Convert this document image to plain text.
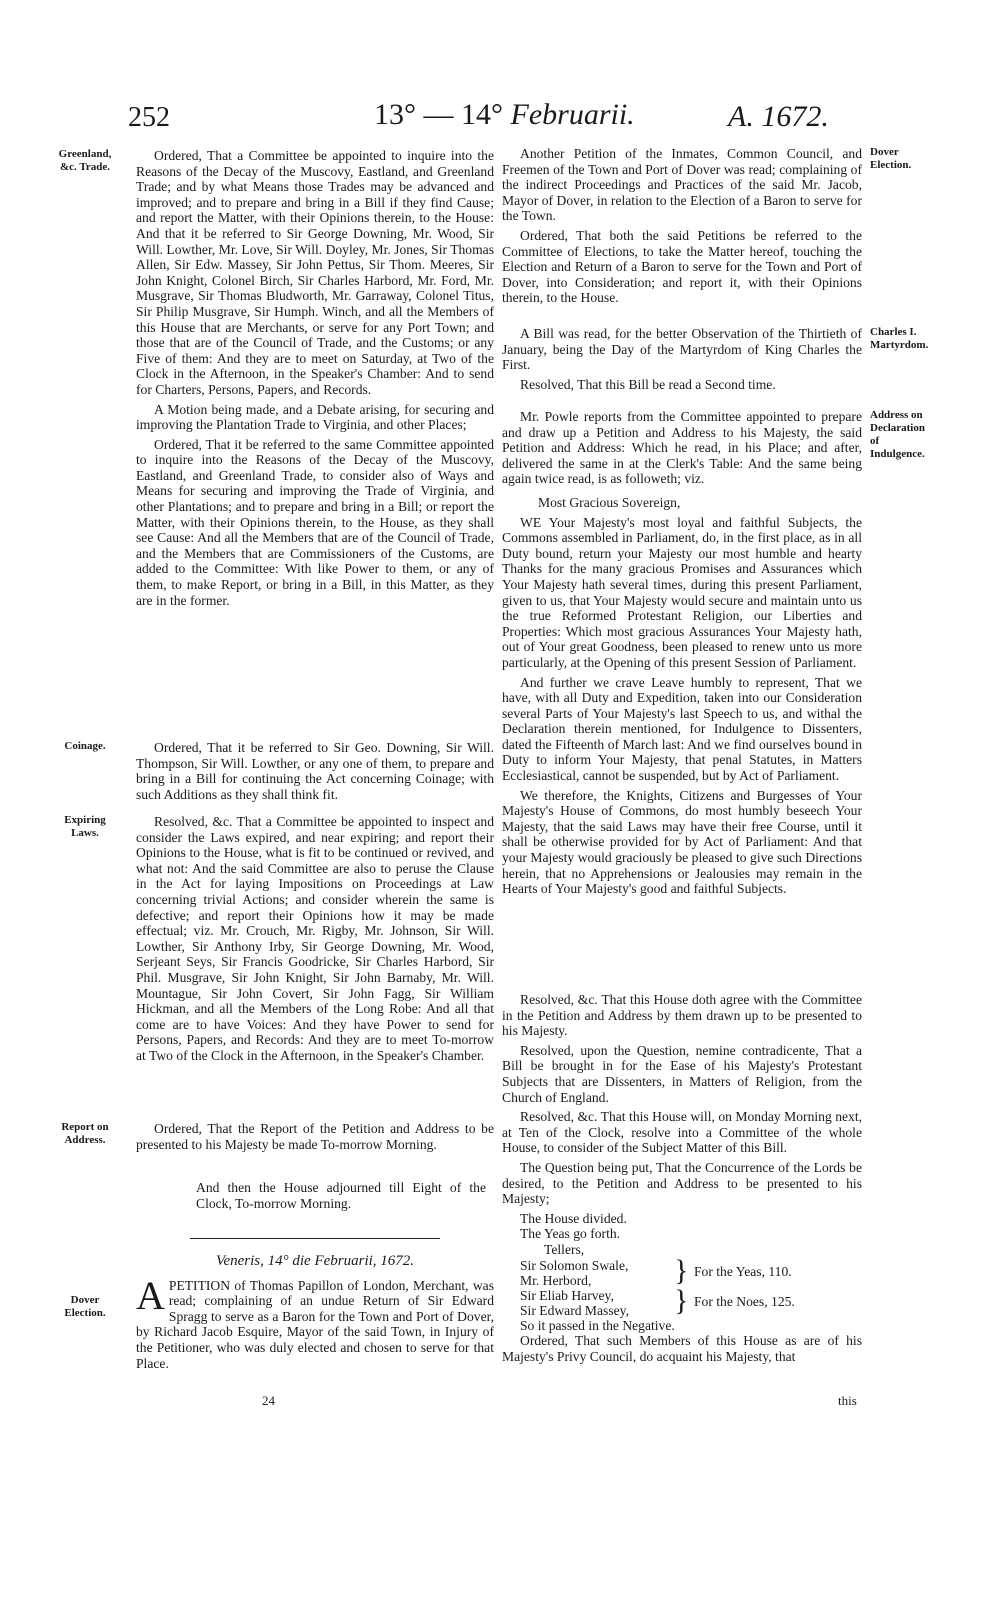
252	13° — 14° Februarii.	A. 1672.
Greenland, &c. Trade.
Coinage.
Expiring Laws.
Report on Address.
Dover Election.
Dover Election.
Charles I. Martyrdom.
Address on Declaration of Indulgence.

Ordered, That a Committee be appointed to inquire into the Reasons of the Decay of the Muscovy, Eastland, and Greenland Trade; and by what Means those Trades may be advanced and improved; and to prepare and bring in a Bill if they find Cause; and report the Matter, with their Opinions therein, to the House: And that it be referred to Sir George Downing, Mr. Wood, Sir Will. Lowther, Mr. Love, Sir Will. Doyley, Mr. Jones, Sir Thomas Allen, Sir Edw. Massey, Sir John Pettus, Sir Thom. Meeres, Sir John Knight, Colonel Birch, Sir Charles Harbord, Mr. Ford, Mr. Musgrave, Sir Thomas Bludworth, Mr. Garraway, Colonel Titus, Sir Philip Musgrave, Sir Humph. Winch, and all the Members of this House that are Merchants, or serve for any Port Town; and those that are of the Council of Trade, and the Customs; or any Five of them: And they are to meet on Saturday, at Two of the Clock in the Afternoon, in the Speaker's Chamber: And to send for Charters, Persons, Papers, and Records.

A Motion being made, and a Debate arising, for securing and improving the Plantation Trade to Virginia, and other Places;

Ordered, That it be referred to the same Committee appointed to inquire into the Reasons of the Decay of the Muscovy, Eastland, and Greenland Trade, to consider also of Ways and Means for securing and improving the Trade of Virginia, and other Plantations; and to prepare and bring in a Bill; or report the Matter, with their Opinions therein, to the House, as they shall see Cause: And all the Members that are of the Council of Trade, and the Members that are Commissioners of the Customs, are added to the Committee: With like Power to them, or any of them, to make Report, or bring in a Bill, in this Matter, as they are in the former.

Ordered, That it be referred to Sir Geo. Downing, Sir Will. Thompson, Sir Will. Lowther, or any one of them, to prepare and bring in a Bill for continuing the Act concerning Coinage; with such Additions as they shall think fit.

Resolved, &c. That a Committee be appointed to inspect and consider the Laws expired, and near expiring; and report their Opinions to the House, what is fit to be continued or revived, and what not: And the said Committee are also to peruse the Clause in the Act for laying Impositions on Proceedings at Law concerning trivial Actions; and consider wherein the same is defective; and report their Opinions how it may be made effectual; viz. Mr. Crouch, Mr. Rigby, Mr. Johnson, Sir Will. Lowther, Sir Anthony Irby, Sir George Downing, Mr. Wood, Serjeant Seys, Sir Francis Goodricke, Sir Charles Harbord, Sir Phil. Musgrave, Sir John Knight, Sir John Barnaby, Mr. Will. Mountague, Sir John Covert, Sir John Fagg, Sir William Hickman, and all the Members of the Long Robe: And all that come are to have Voices: And they have Power to send for Persons, Papers, and Records: And they are to meet To-morrow at Two of the Clock in the Afternoon, in the Speaker's Chamber.

Ordered, That the Report of the Petition and Address to be presented to his Majesty be made To-morrow Morning.

And then the House adjourned till Eight of the Clock, To-morrow Morning.

Veneris, 14° die Februarii, 1672.

APETITION of Thomas Papillon of London, Merchant, was read; complaining of an undue Return of Sir Edward Spragg to serve as a Baron for the Town and Port of Dover, by Richard Jacob Esquire, Mayor of the said Town, in Injury of the Petitioner, who was duly elected and chosen to serve for that Place.

Another Petition of the Inmates, Common Council, and Freemen of the Town and Port of Dover was read; complaining of the indirect Proceedings and Practices of the said Mr. Jacob, Mayor of Dover, in relation to the Election of a Baron to serve for the Town.

Ordered, That both the said Petitions be referred to the Committee of Elections, to take the Matter hereof, touching the Election and Return of a Baron to serve for the Town and Port of Dover, into Consideration; and report it, with their Opinions therein, to the House.

A Bill was read, for the better Observation of the Thirtieth of January, being the Day of the Martyrdom of King Charles the First.

Resolved, That this Bill be read a Second time.

Mr. Powle reports from the Committee appointed to prepare and draw up a Petition and Address to his Majesty, the said Petition and Address: Which he read, in his Place; and after, delivered the same in at the Clerk's Table: And the same being again twice read, is as followeth; viz.

Most Gracious Sovereign,

WE Your Majesty's most loyal and faithful Subjects, the Commons assembled in Parliament, do, in the first place, as in all Duty bound, return your Majesty our most humble and hearty Thanks for the many gracious Promises and Assurances which Your Majesty hath several times, during this present Parliament, given to us, that Your Majesty would secure and maintain unto us the true Reformed Protestant Religion, our Liberties and Properties: Which most gracious Assurances Your Majesty hath, out of Your great Goodness, been pleased to renew unto us more particularly, at the Opening of this present Session of Parliament.

And further we crave Leave humbly to represent, That we have, with all Duty and Expedition, taken into our Consideration several Parts of Your Majesty's last Speech to us, and withal the Declaration therein mentioned, for Indulgence to Dissenters, dated the Fifteenth of March last: And we find ourselves bound in Duty to inform Your Majesty, that penal Statutes, in Matters Ecclesiastical, cannot be suspended, but by Act of Parliament.

We therefore, the Knights, Citizens and Burgesses of Your Majesty's House of Commons, do most humbly beseech Your Majesty, that the said Laws may have their free Course, until it shall be otherwise provided for by Act of Parliament: And that your Majesty would graciously be pleased to give such Directions herein, that no Apprehensions or Jealousies may remain in the Hearts of Your Majesty's good and faithful Subjects.

Resolved, &c. That this House doth agree with the Committee in the Petition and Address by them drawn up to be presented to his Majesty.

Resolved, upon the Question, nemine contradicente, That a Bill be brought in for the Ease of his Majesty's Protestant Subjects that are Dissenters, in Matters of Religion, from the Church of England.

Resolved, &c. That this House will, on Monday Morning next, at Ten of the Clock, resolve into a Committee of the whole House, to consider of the Subject Matter of this Bill.

The Question being put, That the Concurrence of the Lords be desired, to the Petition and Address to be presented to his Majesty;

The House divided.

The Yeas go forth.

Tellers,

Sir Solomon Swale,
Mr. Herbord,	} For the Yeas, 110.
Sir Eliab Harvey,
Sir Edward Massey, } For the Noes, 125.

So it passed in the Negative.

Ordered, That such Members of this House as are of his Majesty's Privy Council, do acquaint his Majesty, that

24	this
